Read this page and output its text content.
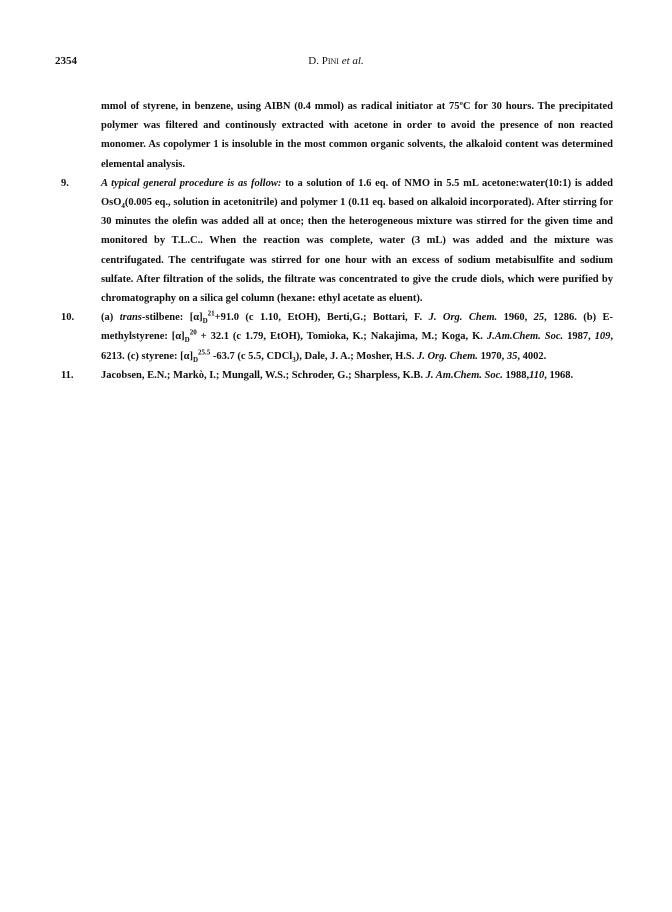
2354	D. Pini et al.

mmol of styrene, in benzene, using AIBN (0.4 mmol) as radical initiator at 75ºC for 30 hours. The precipitated polymer was filtered and continously extracted with acetone in order to avoid the presence of non reacted monomer. As copolymer 1 is insoluble in the most common organic solvents, the alkaloid content was determined elemental analysis.

9.	A typical general procedure is as follow: to a solution of 1.6 eq. of NMO in 5.5 mL acetone:water(10:1) is added OsO$_4$(0.005 eq., solution in acetonitrile) and polymer 1 (0.11 eq. based on alkaloid incorporated). After stirring for 30 minutes the olefin was added all at once; then the heterogeneous mixture was stirred for the given time and monitored by T.L.C.. When the reaction was complete, water (3 mL) was added and the mixture was centrifugated. The centrifugate was stirred for one hour with an excess of sodium metabisulfite and sodium sulfate. After filtration of the solids, the filtrate was concentrated to give the crude diols, which were purified by chromatography on a silica gel column (hexane: ethyl acetate as eluent).

10.	(a) trans-stilbene: $[\alpha]_D^{21}+91.0$ (c 1.10, EtOH), Berti,G.; Bottari, F. J. Org. Chem. 1960, 25, 1286. (b) E-methylstyrene: $[\alpha]_D^{20} + 32.1$ (c 1.79, EtOH), Tomioka, K.; Nakajima, M.; Koga, K. J.Am.Chem. Soc. 1987, 109, 6213. (c) styrene: $[\alpha]_D^{25.5}$ -63.7 (c 5.5, CDCl$_3$), Dale, J. A.; Mosher, H.S. J. Org. Chem. 1970, 35, 4002.

11.	Jacobsen, E.N.; Markò, I.; Mungall, W.S.; Schroder, G.; Sharpless, K.B. J. Am.Chem. Soc. 1988,110, 1968.
